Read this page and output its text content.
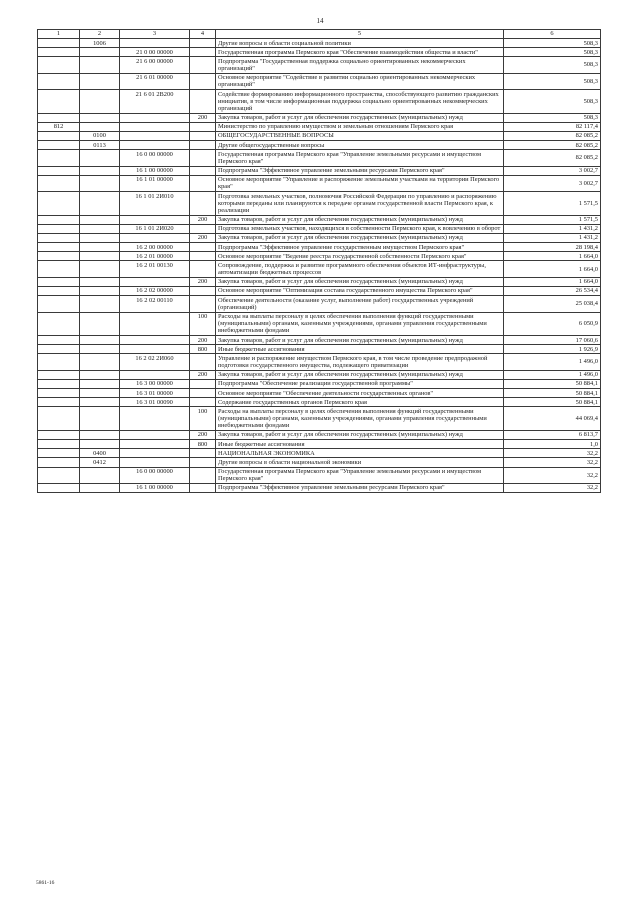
14
1	2	3	4	5	6
	1006			Другие вопросы в области социальной политики	508,3
		21 0 00 00000		Государственная программа Пермского края "Обеспечение взаимодействия общества и власти"	508,3
		21 6 00 00000		Подпрограмма "Государственная поддержка социально ориентированных некоммерческих организаций"	508,3
		21 6 01 00000		Основное мероприятие "Содействие в развитии социально ориентированных некоммерческих организаций"	508,3
		21 6 01 2В200		Содействие формированию информационного пространства, способствующего развитию гражданских инициатив, в том числе информационная поддержка социально ориентированных некоммерческих организаций	508,3
			200	Закупка товаров, работ и услуг для обеспечения государственных (муниципальных) нужд	508,3
812				Министерство по управлению имуществом и земельным отношениям Пермского края	82 117,4
	0100			ОБЩЕГОСУДАРСТВЕННЫЕ ВОПРОСЫ	82 085,2
	0113			Другие общегосударственные вопросы	82 085,2
		16 0 00 00000		Государственная программа Пермского края "Управление земельными ресурсами и имуществом Пермского края"	82 085,2
		16 1 00 00000		Подпрограмма "Эффективное управление земельными ресурсами Пермского края"	3 002,7
		16 1 01 00000		Основное мероприятие "Управление и распоряжение земельными участками на территории Пермского края"	3 002,7
		16 1 01 2И010		Подготовка земельных участков, полномочия Российской Федерации по управлению и распоряжению которыми переданы или планируются к передаче органам государственной власти Пермского края, к реализации	1 571,5
			200	Закупка товаров, работ и услуг для обеспечения государственных (муниципальных) нужд	1 571,5
		16 1 01 2И020		Подготовка земельных участков, находящихся в собственности Пермского края, к вовлечению в оборот	1 431,2
			200	Закупка товаров, работ и услуг для обеспечения государственных (муниципальных) нужд	1 431,2
		16 2 00 00000		Подпрограмма "Эффективное управление государственным имуществом Пермского края"	28 198,4
		16 2 01 00000		Основное мероприятие "Ведение реестра государственной собственности Пермского края"	1 664,0
		16 2 01 00130		Сопровождение, поддержка и развитие программного обеспечения объектов ИТ-инфраструктуры, автоматизации бюджетных процессов	1 664,0
			200	Закупка товаров, работ и услуг для обеспечения государственных (муниципальных) нужд	1 664,0
		16 2 02 00000		Основное мероприятие "Оптимизация состава государственного имущества Пермского края"	26 534,4
		16 2 02 00110		Обеспечение деятельности (оказание услуг, выполнение работ) государственных учреждений (организаций)	25 038,4
			100	Расходы на выплаты персоналу в целях обеспечения выполнения функций государственными (муниципальными) органами, казенными учреждениями, органами управления государственными внебюджетными фондами	6 050,9
			200	Закупка товаров, работ и услуг для обеспечения государственных (муниципальных) нужд	17 060,6
			800	Иные бюджетные ассигнования	1 926,9
		16 2 02 2И060		Управление и распоряжение имуществом Пермского края, в том числе проведение предпродажной подготовки государственного имущества, подлежащего приватизации	1 496,0
			200	Закупка товаров, работ и услуг для обеспечения государственных (муниципальных) нужд	1 496,0
		16 3 00 00000		Подпрограмма "Обеспечение реализации государственной программы"	50 884,1
		16 3 01 00000		Основное мероприятие "Обеспечение деятельности государственных органов"	50 884,1
		16 3 01 00090		Содержание государственных органов Пермского края	50 884,1
			100	Расходы на выплаты персоналу в целях обеспечения выполнения функций государственными (муниципальными) органами, казенными учреждениями, органами управления государственными внебюджетными фондами	44 069,4
			200	Закупка товаров, работ и услуг для обеспечения государственных (муниципальных) нужд	6 813,7
			800	Иные бюджетные ассигнования	1,0
	0400			НАЦИОНАЛЬНАЯ ЭКОНОМИКА	32,2
	0412			Другие вопросы в области национальной экономики	32,2
		16 0 00 00000		Государственная программа Пермского края "Управление земельными ресурсами и имуществом Пермского края"	32,2
		16 1 00 00000		Подпрограмма "Эффективное управление земельными ресурсами Пермского края"	32,2
5861-16
